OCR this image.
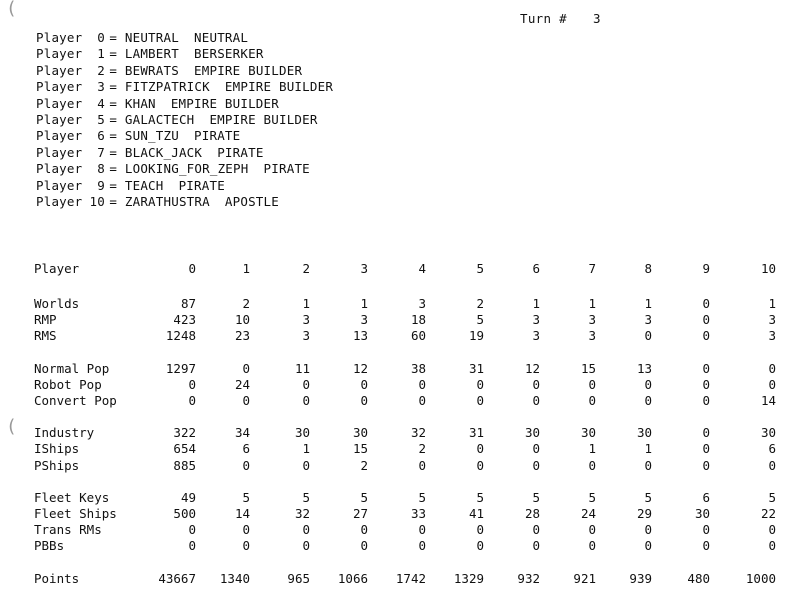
Turn # 3
(
(
Player 0 = NEUTRAL NEUTRAL
Player 1 = LAMBERT BERSERKER
Player 2 = BEWRATS EMPIRE BUILDER
Player 3 = FITZPATRICK EMPIRE BUILDER
Player 4 = KHAN EMPIRE BUILDER
Player 5 = GALACTECH EMPIRE BUILDER
Player 6 = SUN_TZU PIRATE
Player 7 = BLACK_JACK PIRATE
Player 8 = LOOKING_FOR_ZEPH PIRATE
Player 9 = TEACH PIRATE
Player 10 = ZARATHUSTRA APOSTLE
Player	0	1	2	3	4	5	6	7	8	9	10

Worlds	87	2	1	1	3	2	1	1	1	0	1
RMP	423	10	3	3	18	5	3	3	3	0	3
RMS	1248	23	3	13	60	19	3	3	0	0	3

Normal Pop	1297	0	11	12	38	31	12	15	13	0	0
Robot Pop	0	24	0	0	0	0	0	0	0	0	0
Convert Pop	0	0	0	0	0	0	0	0	0	0	14

Industry	322	34	30	30	32	31	30	30	30	0	30
IShips	654	6	1	15	2	0	0	1	1	0	6
PShips	885	0	0	2	0	0	0	0	0	0	0

Fleet Keys	49	5	5	5	5	5	5	5	5	6	5
Fleet Ships	500	14	32	27	33	41	28	24	29	30	22
Trans RMs	0	0	0	0	0	0	0	0	0	0	0
PBBs	0	0	0	0	0	0	0	0	0	0	0

Points	43667	1340	965	1066	1742	1329	932	921	939	480	1000
